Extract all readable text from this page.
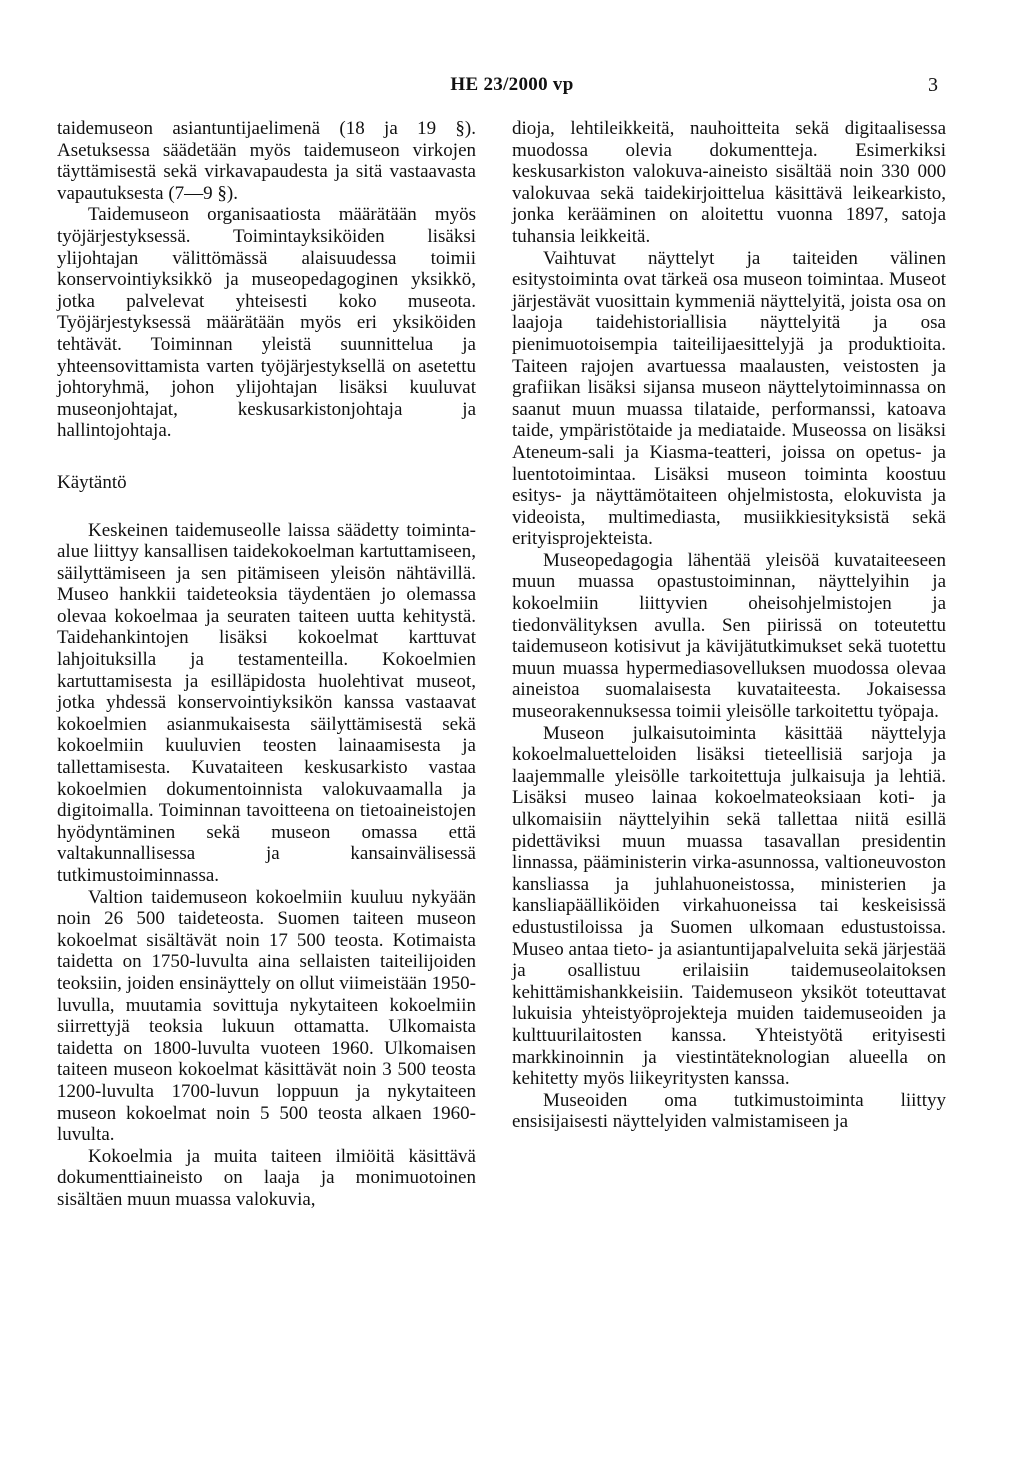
HE 23/2000 vp	3

taidemuseon asiantuntijaelimenä (18 ja 19 §). Asetuksessa säädetään myös taidemuseon virkojen täyttämisestä sekä virkavapaudesta ja sitä vastaavasta vapautuksesta (7—9 §).

Taidemuseon organisaatiosta määrätään myös työjärjestyksessä. Toimintayksiköiden lisäksi ylijohtajan välittömässä alaisuudessa toimii konservointiyksikkö ja museopedagoginen yksikkö, jotka palvelevat yhteisesti koko museota. Työjärjestyksessä määrätään myös eri yksiköiden tehtävät. Toiminnan yleistä suunnittelua ja yhteensovittamista varten työjärjestyksellä on asetettu johtoryhmä, johon ylijohtajan lisäksi kuuluvat museonjohtajat, keskusarkistonjohtaja ja hallintojohtaja.

Käytäntö

Keskeinen taidemuseolle laissa säädetty toiminta-alue liittyy kansallisen taidekokoelman kartuttamiseen, säilyttämiseen ja sen pitämiseen yleisön nähtävillä. Museo hankkii taideteoksia täydentäen jo olemassa olevaa kokoelmaa ja seuraten taiteen uutta kehitystä. Taidehankintojen lisäksi kokoelmat karttuvat lahjoituksilla ja testamenteilla. Kokoelmien kartuttamisesta ja esilläpidosta huolehtivat museot, jotka yhdessä konservointiyksikön kanssa vastaavat kokoelmien asianmukaisesta säilyttämisestä sekä kokoelmiin kuuluvien teosten lainaamisesta ja tallettamisesta. Kuvataiteen keskusarkisto vastaa kokoelmien dokumentoinnista valokuvaamalla ja digitoimalla. Toiminnan tavoitteena on tietoaineistojen hyödyntäminen sekä museon omassa että valtakunnallisessa ja kansainvälisessä tutkimustoiminnassa.

Valtion taidemuseon kokoelmiin kuuluu nykyään noin 26 500 taideteosta. Suomen taiteen museon kokoelmat sisältävät noin 17 500 teosta. Kotimaista taidetta on 1750-luvulta aina sellaisten taiteilijoiden teoksiin, joiden ensinäyttely on ollut viimeistään 1950-luvulla, muutamia sovittuja nykytaiteen kokoelmiin siirrettyjä teoksia lukuun ottamatta. Ulkomaista taidetta on 1800-luvulta vuoteen 1960. Ulkomaisen taiteen museon kokoelmat käsittävät noin 3 500 teosta 1200-luvulta 1700-luvun loppuun ja nykytaiteen museon kokoelmat noin 5 500 teosta alkaen 1960-luvulta.

Kokoelmia ja muita taiteen ilmiöitä käsittävä dokumenttiaineisto on laaja ja monimuotoinen sisältäen muun muassa valokuvia,

dioja, lehtileikkeitä, nauhoitteita sekä digitaalisessa muodossa olevia dokumentteja. Esimerkiksi keskusarkiston valokuva-aineisto sisältää noin 330 000 valokuvaa sekä taidekirjoittelua käsittävä leikearkisto, jonka kerääminen on aloitettu vuonna 1897, satoja tuhansia leikkeitä.

Vaihtuvat näyttelyt ja taiteiden välinen esitystoiminta ovat tärkeä osa museon toimintaa. Museot järjestävät vuosittain kymmeniä näyttelyitä, joista osa on laajoja taidehistoriallisia näyttelyitä ja osa pienimuotoisempia taiteilijaesittelyjä ja produktioita. Taiteen rajojen avartuessa maalausten, veistosten ja grafiikan lisäksi sijansa museon näyttelytoiminnassa on saanut muun muassa tilataide, performanssi, katoava taide, ympäristötaide ja mediataide. Museossa on lisäksi Ateneum-sali ja Kiasma-teatteri, joissa on opetus- ja luentotoimintaa. Lisäksi museon toiminta koostuu esitys- ja näyttämötaiteen ohjelmistosta, elokuvista ja videoista, multimediasta, musiikkiesityksistä sekä erityisprojekteista.

Museopedagogia lähentää yleisöä kuvataiteeseen muun muassa opastustoiminnan, näyttelyihin ja kokoelmiin liittyvien oheisohjelmistojen ja tiedonvälityksen avulla. Sen piirissä on toteutettu taidemuseon kotisivut ja kävijätutkimukset sekä tuotettu muun muassa hypermediasovelluksen muodossa olevaa aineistoa suomalaisesta kuvataiteesta. Jokaisessa museorakennuksessa toimii yleisölle tarkoitettu työpaja.

Museon julkaisutoiminta käsittää näyttelyja kokoelmaluetteloiden lisäksi tieteellisiä sarjoja ja laajemmalle yleisölle tarkoitettuja julkaisuja ja lehtiä. Lisäksi museo lainaa kokoelmateoksiaan koti- ja ulkomaisiin näyttelyihin sekä tallettaa niitä esillä pidettäviksi muun muassa tasavallan presidentin linnassa, pääministerin virka-asunnossa, valtioneuvoston kansliassa ja juhlahuoneistossa, ministerien ja kansliapäälliköiden virkahuoneissa tai keskeisissä edustustiloissa ja Suomen ulkomaan edustustoissa. Museo antaa tieto- ja asiantuntijapalveluita sekä järjestää ja osallistuu erilaisiin taidemuseolaitoksen kehittämishankkeisiin. Taidemuseon yksiköt toteuttavat lukuisia yhteistyöprojekteja muiden taidemuseoiden ja kulttuurilaitosten kanssa. Yhteistyötä erityisesti markkinoinnin ja viestintäteknologian alueella on kehitetty myös liikeyritysten kanssa.

Museoiden oma tutkimustoiminta liittyy ensisijaisesti näyttelyiden valmistamiseen ja
